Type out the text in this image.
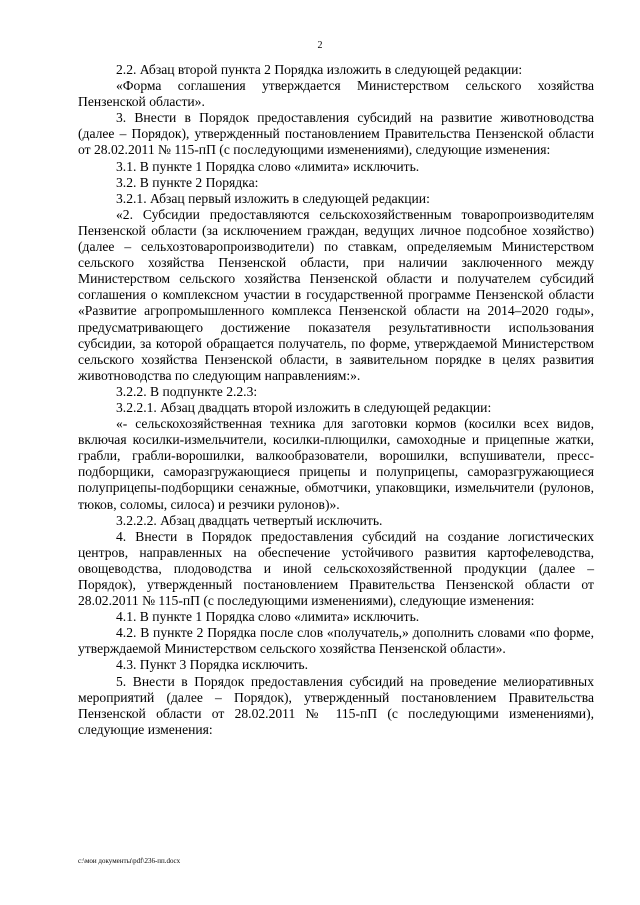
2

2.2. Абзац второй пункта 2 Порядка изложить в следующей редакции:

«Форма соглашения утверждается Министерством сельского хозяйства Пензенской области».

3. Внести в Порядок предоставления субсидий на развитие животноводства (далее – Порядок), утвержденный постановлением Правительства Пензенской области от 28.02.2011 № 115-пП (с последующими изменениями), следующие изменения:

3.1. В пункте 1 Порядка слово «лимита» исключить.

3.2. В пункте 2 Порядка:

3.2.1. Абзац первый изложить в следующей редакции:

«2. Субсидии предоставляются сельскохозяйственным товаропроизводителям Пензенской области (за исключением граждан, ведущих личное подсобное хозяйство) (далее – сельхозтоваропроизводители) по ставкам, определяемым Министерством сельского хозяйства Пензенской области, при наличии заключенного между Министерством сельского хозяйства Пензенской области и получателем субсидий соглашения о комплексном участии в государственной программе Пензенской области «Развитие агропромышленного комплекса Пензенской области на 2014–2020 годы», предусматривающего достижение показателя результативности использования субсидии, за которой обращается получатель, по форме, утверждаемой Министерством сельского хозяйства Пензенской области, в заявительном порядке в целях развития животноводства по следующим направлениям:».

3.2.2. В подпункте 2.2.3:

3.2.2.1. Абзац двадцать второй изложить в следующей редакции:

«- сельскохозяйственная техника для заготовки кормов (косилки всех видов, включая косилки-измельчители, косилки-плющилки, самоходные и прицепные жатки, грабли, грабли-ворошилки, валкообразователи, ворошилки, вспушиватели, пресс-подборщики, саморазгружающиеся прицепы и полуприцепы, саморазгружающиеся полуприцепы-подборщики сенажные, обмотчики, упаковщики, измельчители (рулонов, тюков, соломы, силоса) и резчики рулонов)».

3.2.2.2. Абзац двадцать четвертый исключить.

4. Внести в Порядок предоставления субсидий на создание логистических центров, направленных на обеспечение устойчивого развития картофелеводства, овощеводства, плодоводства и иной сельскохозяйственной продукции (далее – Порядок), утвержденный постановлением Правительства Пензенской области от 28.02.2011 № 115-пП (с последующими изменениями), следующие изменения:

4.1. В пункте 1 Порядка слово «лимита» исключить.

4.2. В пункте 2 Порядка после слов «получатель,» дополнить словами «по форме, утверждаемой Министерством сельского хозяйства Пензенской области».

4.3. Пункт 3 Порядка исключить.

5. Внести в Порядок предоставления субсидий на проведение мелиоративных мероприятий (далее – Порядок), утвержденный постановлением Правительства Пензенской области от 28.02.2011 № 115-пП (с последующими изменениями), следующие изменения:

c:\мои документы\pdf\236-пп.docx
